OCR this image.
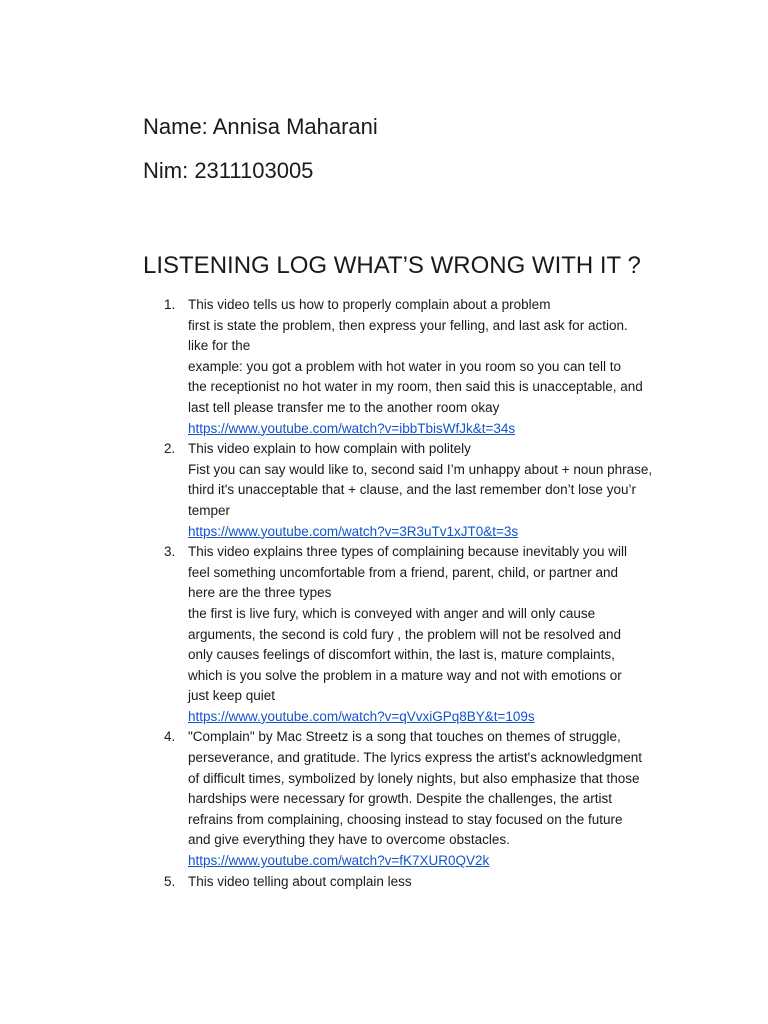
Name: Annisa Maharani
Nim: 2311103005
LISTENING LOG WHAT’S WRONG WITH IT ?
1. This video tells us how to properly complain about a problem
first is state the problem, then express your felling, and last ask for action.
like for the
example: you got a problem with hot water in you room so you can tell to
the receptionist no hot water in my room, then said this is unacceptable, and
last tell please transfer me to the another room okay
https://www.youtube.com/watch?v=ibbTbisWfJk&t=34s
2. This video explain to how complain with politely
Fist you can say would like to, second said I’m unhappy about + noun phrase,
third it's unacceptable that + clause, and the last remember don’t lose you’r
temper
https://www.youtube.com/watch?v=3R3uTv1xJT0&t=3s
3. This video explains three types of complaining because inevitably you will
feel something uncomfortable from a friend, parent, child, or partner and
here are the three types
the first is live fury, which is conveyed with anger and will only cause
arguments, the second is cold fury , the problem will not be resolved and
only causes feelings of discomfort within, the last is, mature complaints,
which is you solve the problem in a mature way and not with emotions or
just keep quiet
https://www.youtube.com/watch?v=qVvxiGPq8BY&t=109s
4. "Complain" by Mac Streetz is a song that touches on themes of struggle,
perseverance, and gratitude. The lyrics express the artist's acknowledgment
of difficult times, symbolized by lonely nights, but also emphasize that those
hardships were necessary for growth. Despite the challenges, the artist
refrains from complaining, choosing instead to stay focused on the future
and give everything they have to overcome obstacles.
https://www.youtube.com/watch?v=fK7XUR0QV2k
5. This video telling about complain less
